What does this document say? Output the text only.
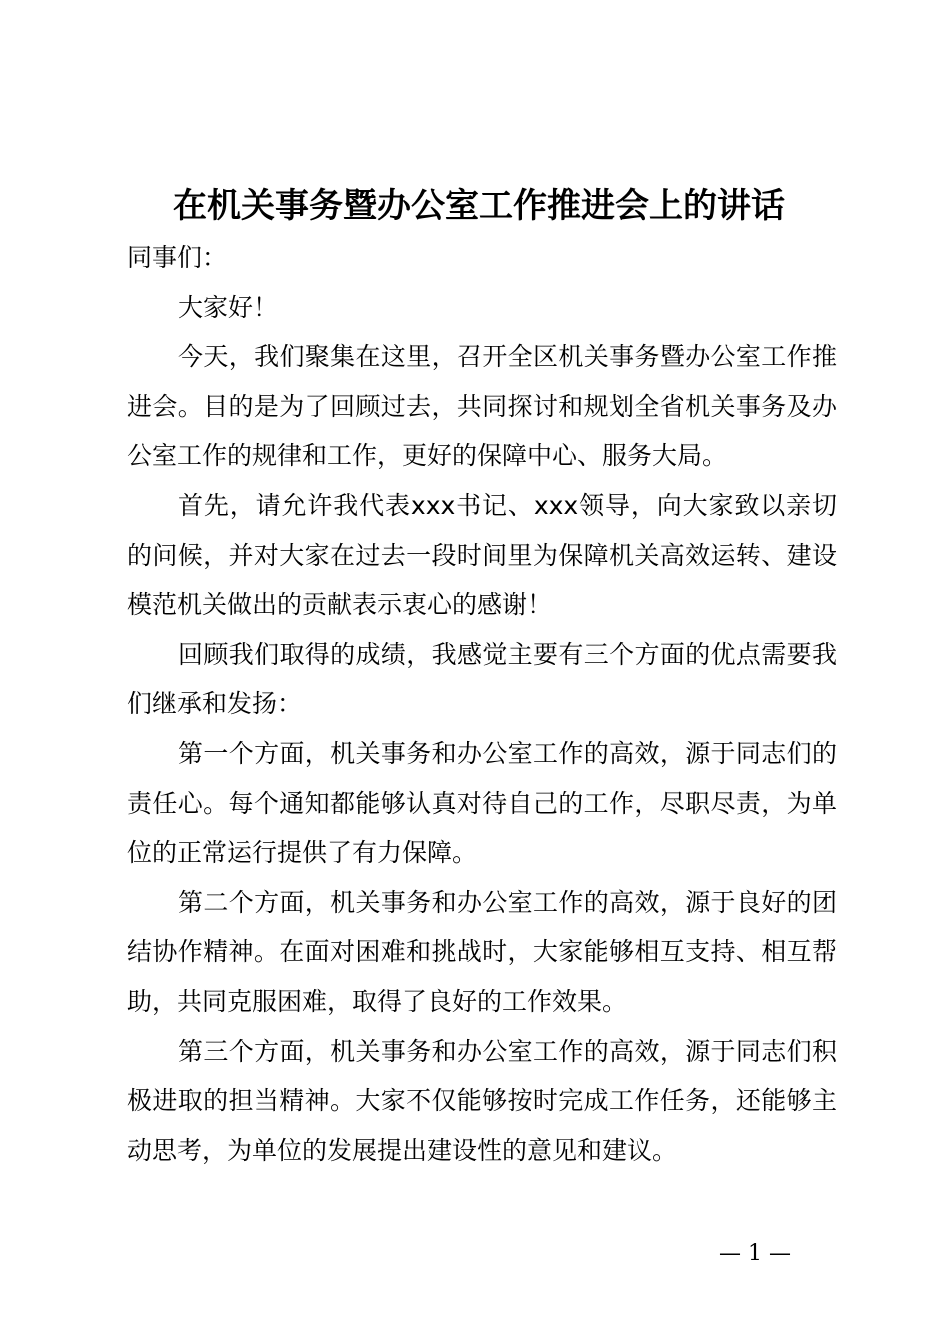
在机关事务暨办公室工作推进会上的讲话

同事们：

大家好！

今天，我们聚集在这里，召开全区机关事务暨办公室工作推进会。目的是为了回顾过去，共同探讨和规划全省机关事务及办公室工作的规律和工作，更好的保障中心、服务大局。

首先，请允许我代表xxx书记、xxx领导，向大家致以亲切的问候，并对大家在过去一段时间里为保障机关高效运转、建设模范机关做出的贡献表示衷心的感谢！

回顾我们取得的成绩，我感觉主要有三个方面的优点需要我们继承和发扬：

第一个方面，机关事务和办公室工作的高效，源于同志们的责任心。每个通知都能够认真对待自己的工作，尽职尽责，为单位的正常运行提供了有力保障。

第二个方面，机关事务和办公室工作的高效，源于良好的团结协作精神。在面对困难和挑战时，大家能够相互支持、相互帮助，共同克服困难，取得了良好的工作效果。

第三个方面，机关事务和办公室工作的高效，源于同志们积极进取的担当精神。大家不仅能够按时完成工作任务，还能够主动思考，为单位的发展提出建设性的意见和建议。

— 1 —
